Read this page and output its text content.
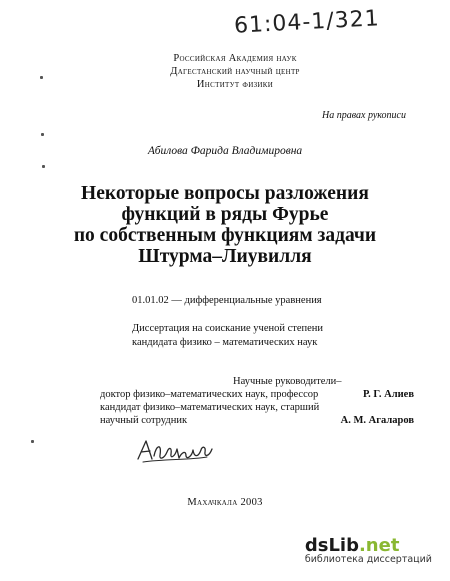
61:04-1/321
Российская Академия наук
Дагестанский научный центр
Институт физики
На правах рукописи
Абилова Фарида Владимировна
Некоторые вопросы разложения
функций в ряды Фурье
по собственным функциям задачи
Штурма–Лиувилля
01.01.02 — дифференциальные уравнения
Диссертация на соискание ученой степени
кандидата физико – математических наук
Научные руководители–
доктор физико–математических наук, профессор	Р. Г. Алиев
кандидат физико–математических наук, старший
научный сотрудник	А. М. Агаларов
Махачкала 2003
dsLib.net
библиотека диссертаций
